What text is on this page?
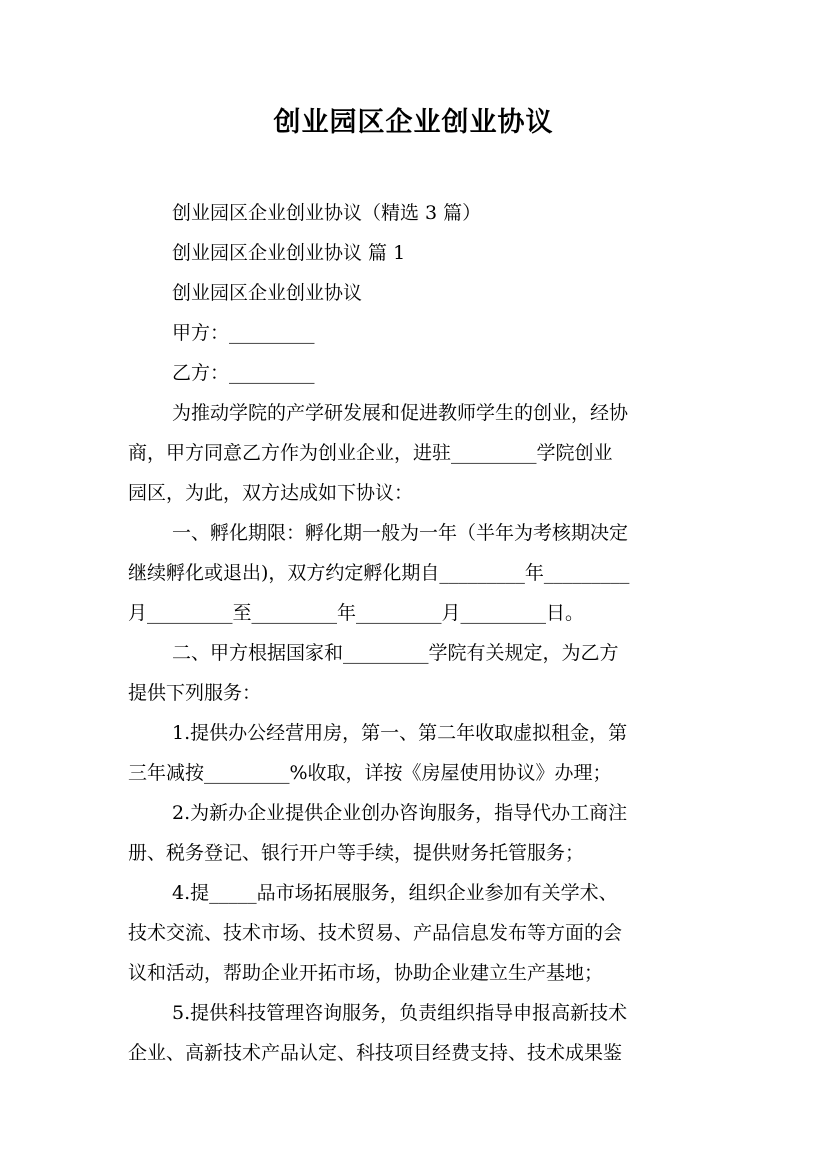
创业园区企业创业协议
创业园区企业创业协议（精选 3 篇）
创业园区企业创业协议 篇 1
创业园区企业创业协议
甲方：_________
乙方：_________
为推动学院的产学研发展和促进教师学生的创业，经协
商，甲方同意乙方作为创业企业，进驻_________学院创业
园区，为此，双方达成如下协议：
一、孵化期限：孵化期一般为一年（半年为考核期决定
继续孵化或退出)，双方约定孵化期自_________年_________
月_________至_________年_________月_________日。
二、甲方根据国家和_________学院有关规定，为乙方
提供下列服务：
1.提供办公经营用房，第一、第二年收取虚拟租金，第
三年减按_________%收取，详按《房屋使用协议》办理；
2.为新办企业提供企业创办咨询服务，指导代办工商注
册、税务登记、银行开户等手续，提供财务托管服务；
4.提_____品市场拓展服务，组织企业参加有关学术、
技术交流、技术市场、技术贸易、产品信息发布等方面的会
议和活动，帮助企业开拓市场，协助企业建立生产基地；
5.提供科技管理咨询服务，负责组织指导申报高新技术
企业、高新技术产品认定、科技项目经费支持、技术成果鉴
